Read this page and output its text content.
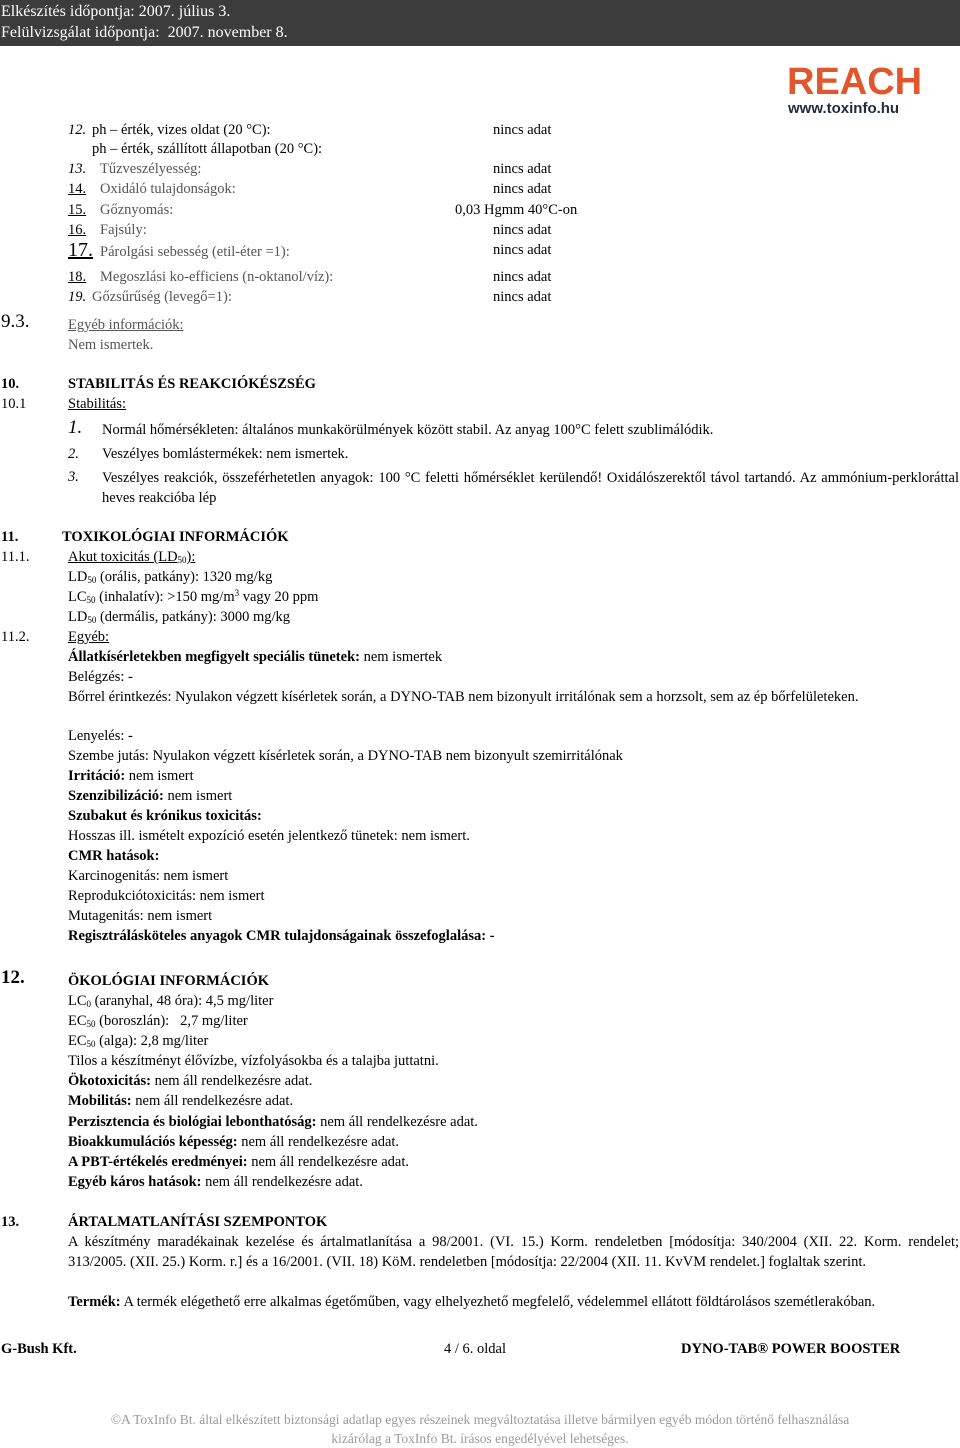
Elkészítés időpontja: 2007. július 3.
Felülvizsgálat időpontja:  2007. november 8.
REACH
www.toxinfo.hu
12. ph – érték, vizes oldat (20 °C):	nincs adat
ph – érték, szállított állapotban (20 °C):
13. Tűzveszélyesség:	nincs adat
14. Oxidáló tulajdonságok:	nincs adat
15. Gőznyomás:	0,03 Hgmm 40°C-on
16. Fajsúly:	nincs adat
17. Párolgási sebesség (etil-éter =1):	nincs adat
18. Megoszlási ko-efficiens (n-oktanol/víz):	nincs adat
19. Gőzsűrűség (levegő=1):	nincs adat
9.3.	Egyéb információk:
Nem ismertek.
10.	STABILITÁS ÉS REAKCIÓKÉSZSÉG
10.1	Stabilitás:
1. Normál hőmérsékleten: általános munkakörülmények között stabil. Az anyag 100°C felett szublimálódik.
2. Veszélyes bomlástermékek: nem ismertek.
3. Veszélyes reakciók, összeférhetetlen anyagok: 100 °C feletti hőmérséklet kerülendő! Oxidálószerektől távol tartandó. Az ammónium-perkloráttal heves reakcióba lép
11.	TOXIKOLÓGIAI INFORMÁCIÓK
11.1.	Akut toxicitás $(LD_{50})$:
$LD_{50}$ (orális, patkány): 1320 mg/kg
$LC_{50}$ (inhalatív): >150 $mg/m^3$ vagy 20 ppm
$LD_{50}$ (dermális, patkány): 3000 mg/kg
11.2.	Egyéb:
Állatkísérletekben megfigyelt speciális tünetek: nem ismertek
Belégzés: -
Bőrrel érintkezés: Nyulakon végzett kísérletek során, a DYNO-TAB nem bizonyult irritálónak sem a horzsolt, sem az ép bőrfelületeken.
Lenyelés: -
Szembe jutás: Nyulakon végzett kísérletek során, a DYNO-TAB nem bizonyult szemirritálónak
Irritáció: nem ismert
Szenzibilizáció: nem ismert
Szubakut és krónikus toxicitás:
Hosszas ill. ismételt expozíció esetén jelentkező tünetek: nem ismert.
CMR hatások:
Karcinogenitás: nem ismert
Reprodukciótoxicitás: nem ismert
Mutagenitás: nem ismert
Regisztrálásköteles anyagok CMR tulajdonságainak összefoglalása: -
12.	ÖKOLÓGIAI INFORMÁCIÓK
$LC_0$ (aranyhal, 48 óra): 4,5 mg/liter
$EC_{50}$ (boroszlán):   2,7 mg/liter
$EC_{50}$ (alga): 2,8 mg/liter
Tilos a készítményt élővízbe, vízfolyásokba és a talajba juttatni.
Ökotoxicitás: nem áll rendelkezésre adat.
Mobilitás: nem áll rendelkezésre adat.
Perzisztencia és biológiai lebonthatóság: nem áll rendelkezésre adat.
Bioakkumulációs képesség: nem áll rendelkezésre adat.
A PBT-értékelés eredményei: nem áll rendelkezésre adat.
Egyéb káros hatások: nem áll rendelkezésre adat.
13.	ÁRTALMATLANÍTÁSI SZEMPONTOK
A készítmény maradékainak kezelése és ártalmatlanítása a 98/2001. (VI. 15.) Korm. rendeletben [módosítja: 340/2004 (XII. 22. Korm. rendelet; 313/2005. (XII. 25.) Korm. r.] és a 16/2001. (VII. 18) KöM. rendeletben [módosítja: 22/2004 (XII. 11. KvVM rendelet.] foglaltak szerint.
Termék: A termék elégethető erre alkalmas égetőműben, vagy elhelyezhető megfelelő, védelemmel ellátott földtárolásos szemétlerakóban.
G-Bush Kft.	4 / 6. oldal	DYNO-TAB® POWER BOOSTER
©A ToxInfo Bt. által elkészített biztonsági adatlap egyes részeinek megváltoztatása illetve bármilyen egyéb módon történő felhasználása
kizárólag a ToxInfo Bt. írásos engedélyével lehetséges.
